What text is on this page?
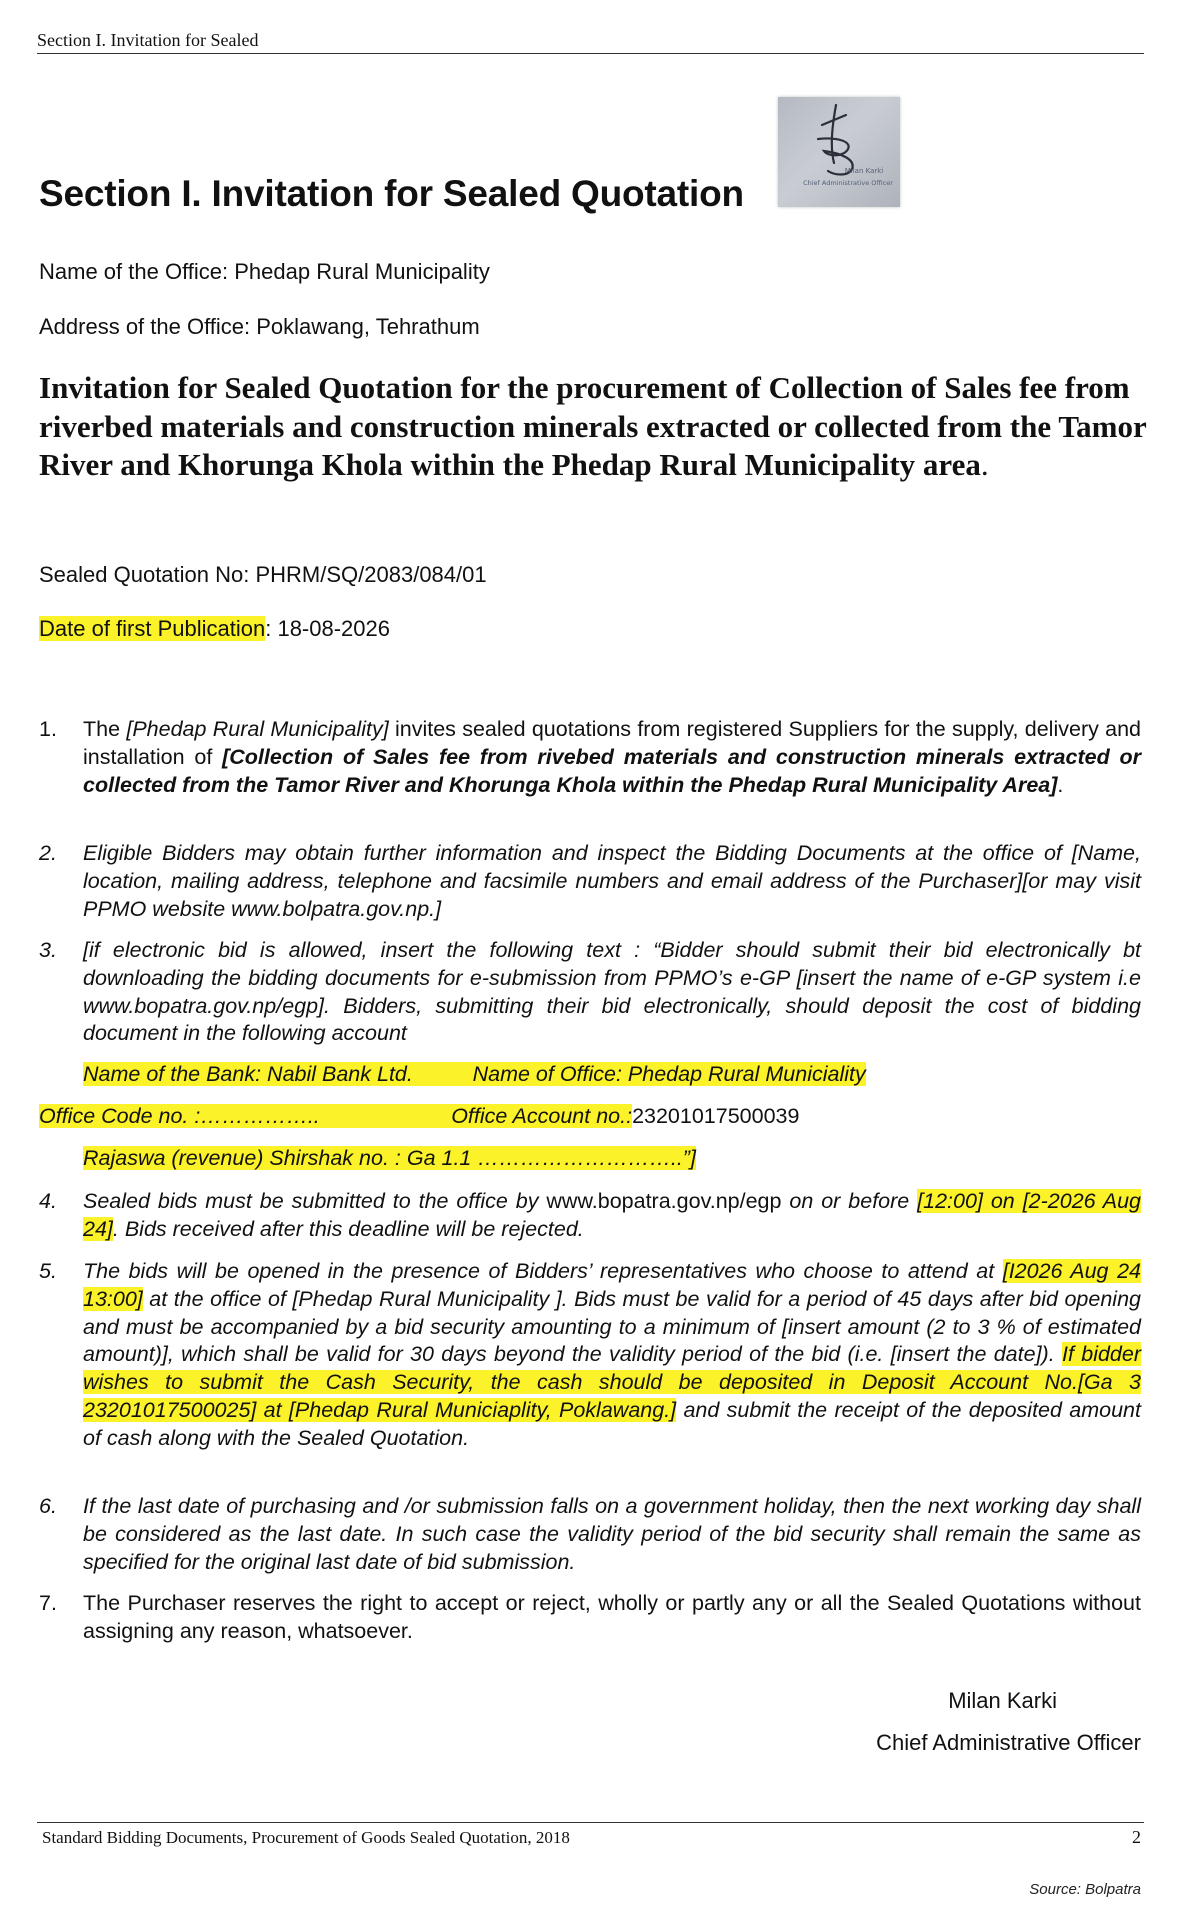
Section I. Invitation for Sealed
Milan Karki
Chief Administrative Officer
Section I. Invitation for Sealed Quotation
Name of the Office: Phedap Rural Municipality
Address of the Office: Poklawang, Tehrathum
Invitation for Sealed Quotation for the procurement of Collection of Sales fee from riverbed materials and construction minerals extracted or collected from the Tamor River and Khorunga Khola within the Phedap Rural Municipality area.
Sealed Quotation No: PHRM/SQ/2083/084/01
Date of first Publication: 18-08-2026
1. The [Phedap Rural Municipality] invites sealed quotations from registered Suppliers for the supply, delivery and installation of [Collection of Sales fee from rivebed materials and construction minerals extracted or collected from the Tamor River and Khorunga Khola within the Phedap Rural Municipality Area].
2. Eligible Bidders may obtain further information and inspect the Bidding Documents at the office of [Name, location, mailing address, telephone and facsimile numbers and email address of the Purchaser][or may visit PPMO website www.bolpatra.gov.np.]
3. [if electronic bid is allowed, insert the following text : “Bidder should submit their bid electronically bt downloading the bidding documents for e-submission from PPMO’s e-GP [insert the name of e-GP system i.e www.bopatra.gov.np/egp]. Bidders, submitting their bid electronically, should deposit the cost of bidding document in the following account
Name of the Bank: Nabil Bank Ltd.	Name of Office: Phedap Rural Municiality
Office Code no. :……………..	Office Account no.:23201017500039
Rajaswa (revenue) Shirshak no. : Ga 1.1 ………………………..”]
4. Sealed bids must be submitted to the office by www.bopatra.gov.np/egp on or before [12:00] on [2-2026 Aug 24]. Bids received after this deadline will be rejected.
5. The bids will be opened in the presence of Bidders’ representatives who choose to attend at [I2026 Aug 24 13:00] at the office of [Phedap Rural Municipality ]. Bids must be valid for a period of 45 days after bid opening and must be accompanied by a bid security amounting to a minimum of [insert amount (2 to 3 % of estimated amount)], which shall be valid for 30 days beyond the validity period of the bid (i.e. [insert the date]). If bidder wishes to submit the Cash Security, the cash should be deposited in Deposit Account No.[Ga 3 23201017500025] at [Phedap Rural Municiaplity, Poklawang.] and submit the receipt of the deposited amount of cash along with the Sealed Quotation.
6. If the last date of purchasing and /or submission falls on a government holiday, then the next working day shall be considered as the last date. In such case the validity period of the bid security shall remain the same as specified for the original last date of bid submission.
7. The Purchaser reserves the right to accept or reject, wholly or partly any or all the Sealed Quotations without assigning any reason, whatsoever.
Milan Karki
Chief Administrative Officer
Standard Bidding Documents, Procurement of Goods Sealed Quotation, 2018	2
Source: Bolpatra
